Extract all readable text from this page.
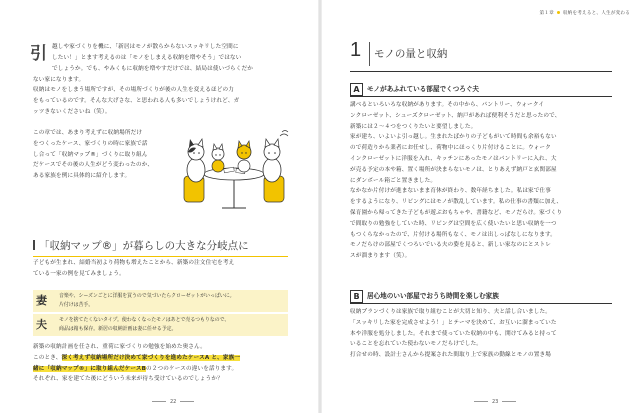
引 越しや家づくりを機に、「新居はモノが散らからないスッキリした空間に
したい！」とます考えるのは「モノをしまえる収納を増やそう」ではない
でしょうか。でも、やみくもに収納を増やすだけでは、結局は使いづらくだか
ない家になります。
収納はモノをしまう場所ですが、その場所づくりが後の人生を変えるほどの力
をもっているのです。そんな大げさな、と思われる人も多いでしょうけれど、ガ
ッツきないくださいね（笑）。
この章では、あまり考えずに収納場所だけ
をつくったケース、家づくりの時に家族で話
し合って「収納マップ®」づくりに取り組ん
だケースでその後の人生がどう変わったのか、
ある家族を例に具体的に紹介します。
「収納マップ®」が暮らしの大きな分岐点に
子どもが生まれ、結婚当初より荷物も増えたことから、新築の注文住宅を考え
ている一家の例を見てみましょう。
妻 音楽や、シーズンごとに洋服を買うので気づいたらクローゼットがいっぱいに。
片付けは苦手。
夫 モノを捨てたくないタイプ。使わなくなったモノはあとで売るつもりなので、
商品は箱も保存。新居の収納計画は妻に任せる予定。
新築の収納計画を任され、重荷に家づくりの勉強を始めた奥さん。
このとき、深く考えず収納場所だけ決めて家づくりを進めたケースA と、家族一
緒に「収納マップ®」に取り組んだケースBの２つのケースの違いを話ります。
それぞれ、家を建てた後にどういう未来が待ち受けているのでしょうか？
22
第１章 収納を考えると、人生が変わる
1 モノの量と収納
A	モノがあふれている部屋でくつろぐ夫
講べるといろいろな収納があります。その中から、パントリー、ウォークイ
ンクローゼット、シューズクローゼット、納戸があれば便利そうだと思ったので、
新築には２～４つをつくりたいと要望しました。
家が建ち、いよいよ引っ越し。生まれたばかりの子どもがいて時間も余裕もない
ので荷造りから業者にお任せし、荷物中にほっくり片付けることに。ウォーク
インクローゼットに洋服を入れ、キッチンにあったモノはパントリーに入れ、大
が売る予定の本や箱、置く場所が決まらないモノは、とりあえず納戸と玄関部屋
にダンボール箱ごと置きました。
なかなか片付けが進まないまま育休が終わり、数年経ちました。私は家で仕事
をするようになり、リビングにはモノが散乱しています。私の仕事の書類に加え、
保育園から帰ってきた子どもが遊ぶおもちゃや、書籍など、モノだらけ。家づくり
で間取りの勉強をしていた時、リビングは空間を広く使いたいと思い収納を一つ
もつくらなかったので、片付ける場所もなく、モノは出しっぱなしになります。
モノだらけの部屋でくつろいでいる夫の姿を見ると、新しい家なのにとストレ
スが溜まります（笑）。
B	居心地のいい部屋でおうち時間を楽しむ家族
収納プランづくりは家族で取り組むことが大切と知り、夫と話し合いました。
「スッキリした家を完成させよう！」とテーマを決めて、お互いに溜まっていた
本や洋服を処分しました。それまで使っていた収納の中も、開けてみると持って
いることを忘れていた使わないモノだらけでした。
打合せの時、設計士さんから提案された間取り上で家族の動線とモノの置き場
23
